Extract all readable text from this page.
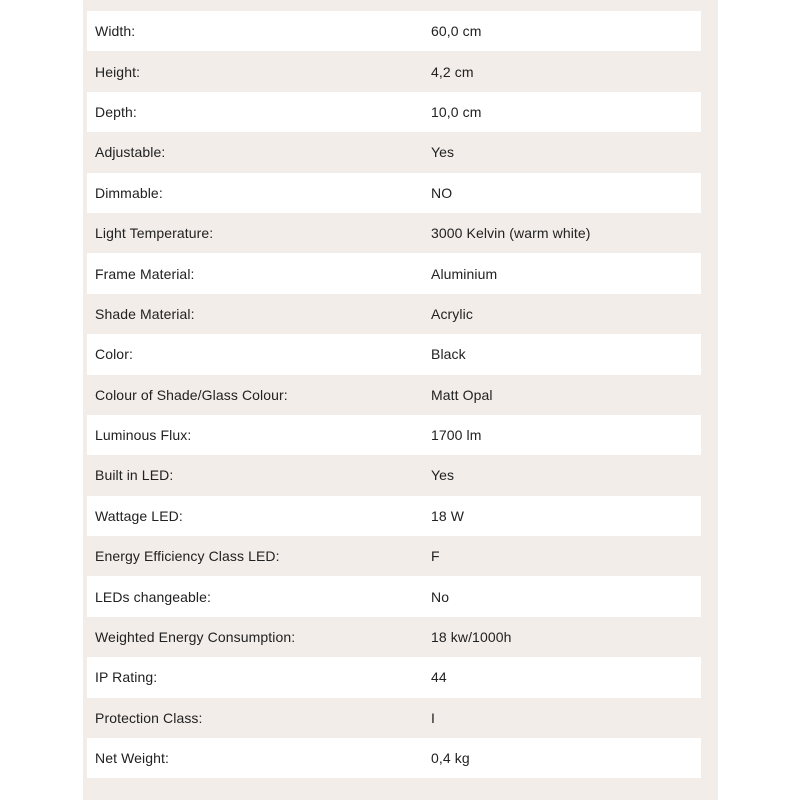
Width:	60,0 cm
Height:	4,2 cm
Depth:	10,0 cm
Adjustable:	Yes
Dimmable:	NO
Light Temperature:	3000 Kelvin (warm white)
Frame Material:	Aluminium
Shade Material:	Acrylic
Color:	Black
Colour of Shade/Glass Colour:	Matt Opal
Luminous Flux:	1700 lm
Built in LED:	Yes
Wattage LED:	18 W
Energy Efficiency Class LED:	F
LEDs changeable:	No
Weighted Energy Consumption:	18 kw/1000h
IP Rating:	44
Protection Class:	I
Net Weight:	0,4 kg
